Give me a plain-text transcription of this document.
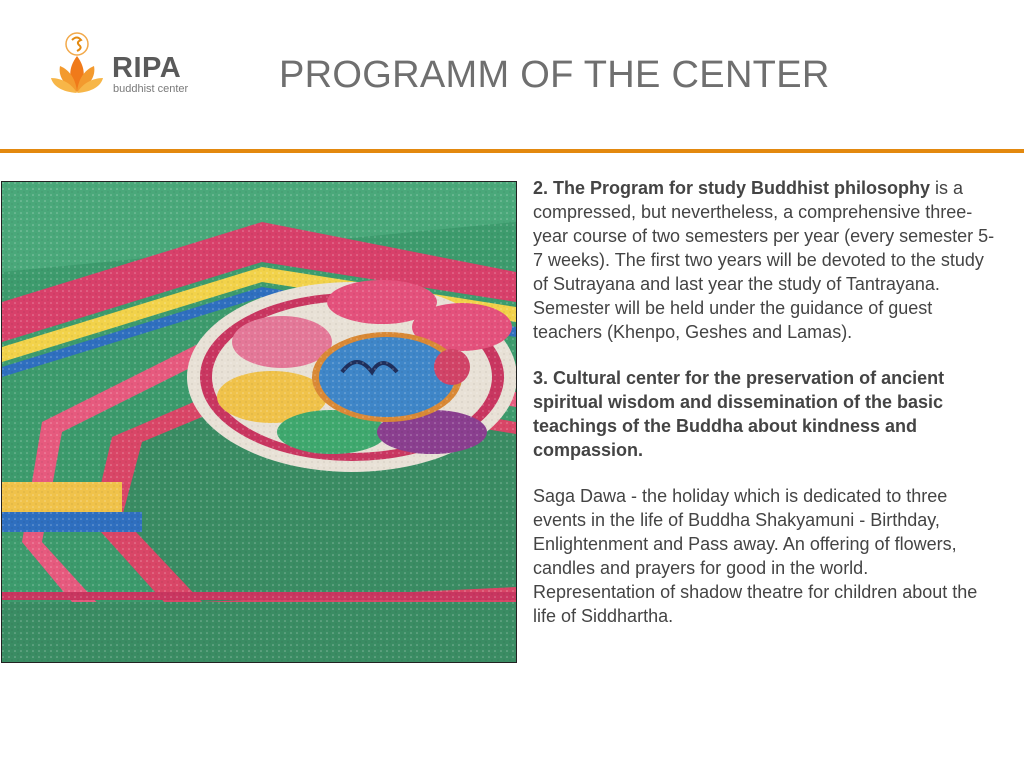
RIPA
buddhist center PROGRAMM OF THE CENTER

2. The Program for study Buddhist philosophy is a compressed, but nevertheless, a comprehensive three-year course of two semesters per year (every semester 5-7 weeks). The first two years will be devoted to the study of Sutrayana and last year the study of Tantrayana. Semester will be held under the guidance of guest teachers (Khenpo, Geshes and Lamas).

3. Cultural center for the preservation of ancient spiritual wisdom and dissemination of the basic teachings of the Buddha about kindness and compassion.

Saga Dawa - the holiday which is dedicated to three events in the life of Buddha Shakyamuni - Birthday, Enlightenment and Pass away. An offering of flowers, candles and prayers for good in the world. Representation of shadow theatre for children about the life of Siddhartha.
